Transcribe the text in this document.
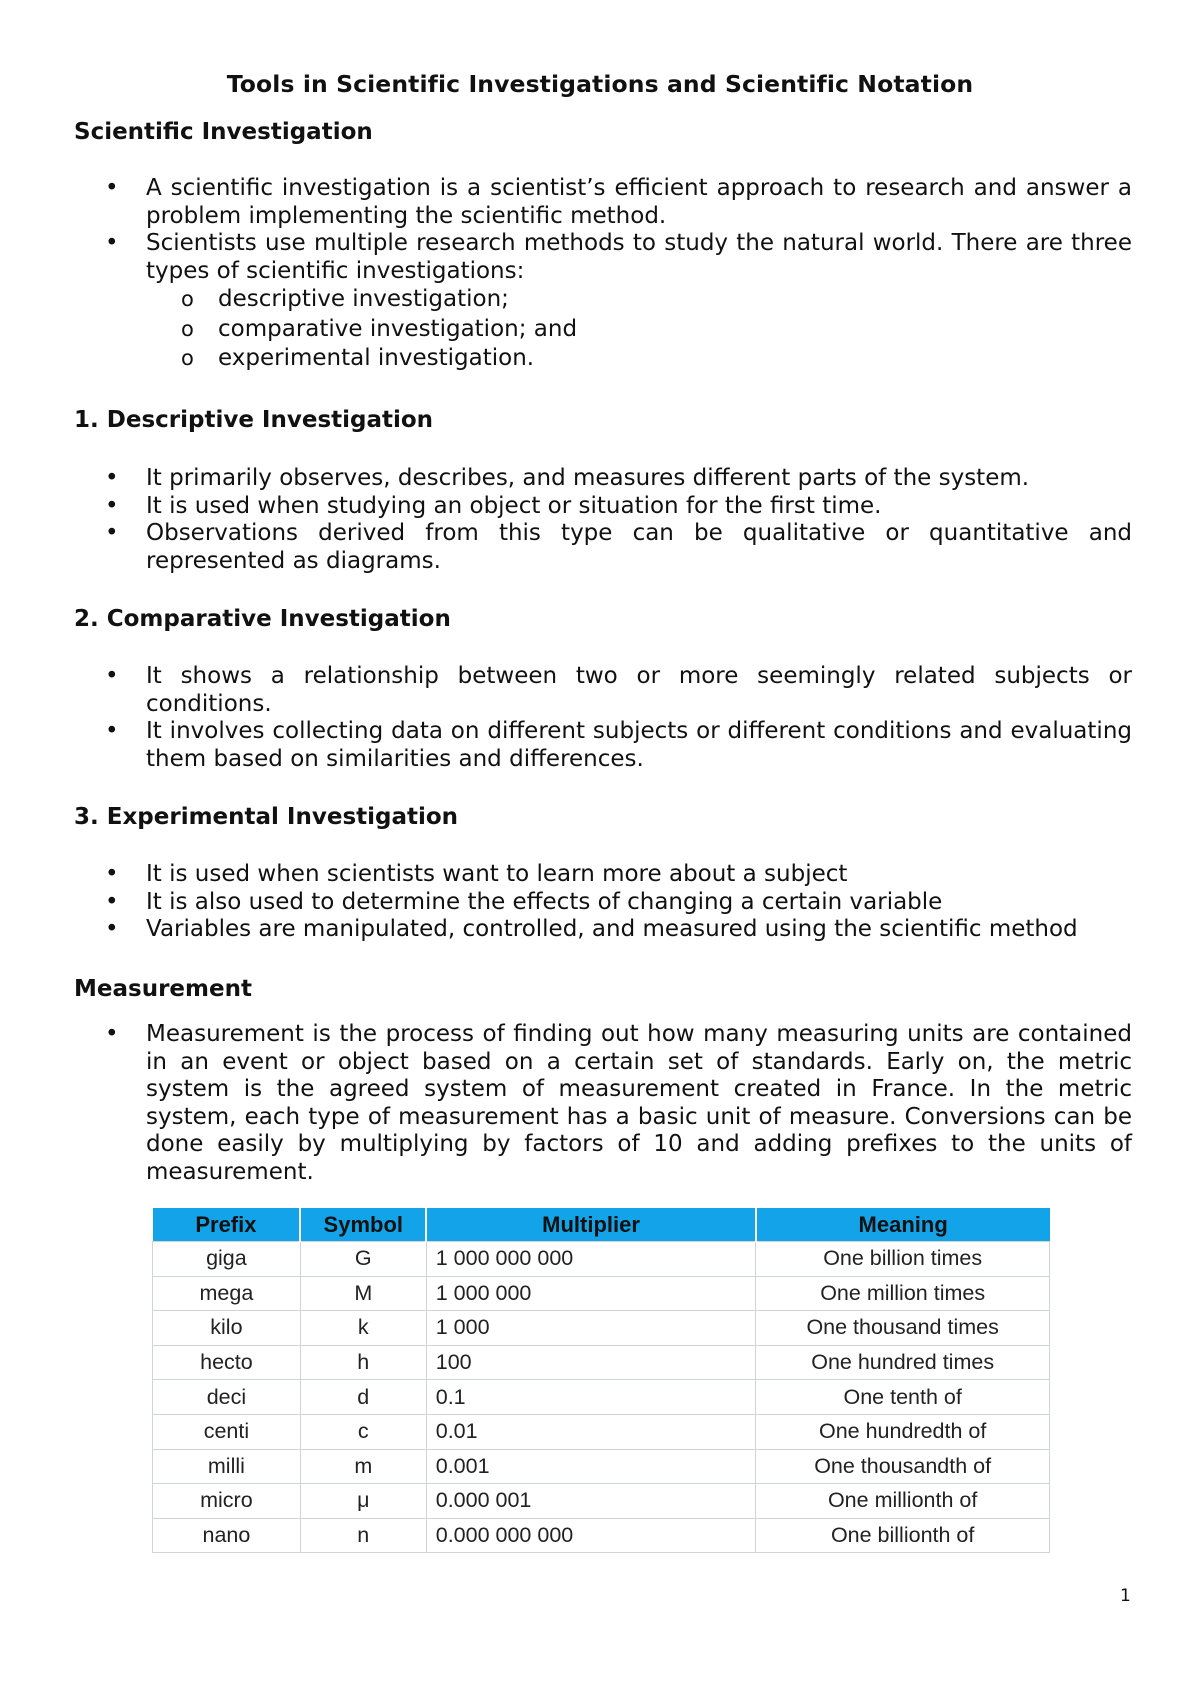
Tools in Scientific Investigations and Scientific Notation
Scientific Investigation
• A scientific investigation is a scientist’s efficient approach to research and answer a problem implementing the scientific method.
• Scientists use multiple research methods to study the natural world. There are three types of scientific investigations:
o descriptive investigation;
o comparative investigation; and
o experimental investigation.
1. Descriptive Investigation
• It primarily observes, describes, and measures different parts of the system.
• It is used when studying an object or situation for the first time.
• Observations derived from this type can be qualitative or quantitative and represented as diagrams.
2. Comparative Investigation
• It shows a relationship between two or more seemingly related subjects or conditions.
• It involves collecting data on different subjects or different conditions and evaluating them based on similarities and differences.
3. Experimental Investigation
• It is used when scientists want to learn more about a subject
• It is also used to determine the effects of changing a certain variable
• Variables are manipulated, controlled, and measured using the scientific method
Measurement
• Measurement is the process of finding out how many measuring units are contained in an event or object based on a certain set of standards. Early on, the metric system is the agreed system of measurement created in France. In the metric system, each type of measurement has a basic unit of measure. Conversions can be done easily by multiplying by factors of 10 and adding prefixes to the units of measurement.
Prefix	Symbol	Multiplier	Meaning
giga	G	1 000 000 000	One billion times
mega	M	1 000 000	One million times
kilo	k	1 000	One thousand times
hecto	h	100	One hundred times
deci	d	0.1	One tenth of
centi	c	0.01	One hundredth of
milli	m	0.001	One thousandth of
micro	μ	0.000 001	One millionth of
nano	n	0.000 000 000	One billionth of
1
